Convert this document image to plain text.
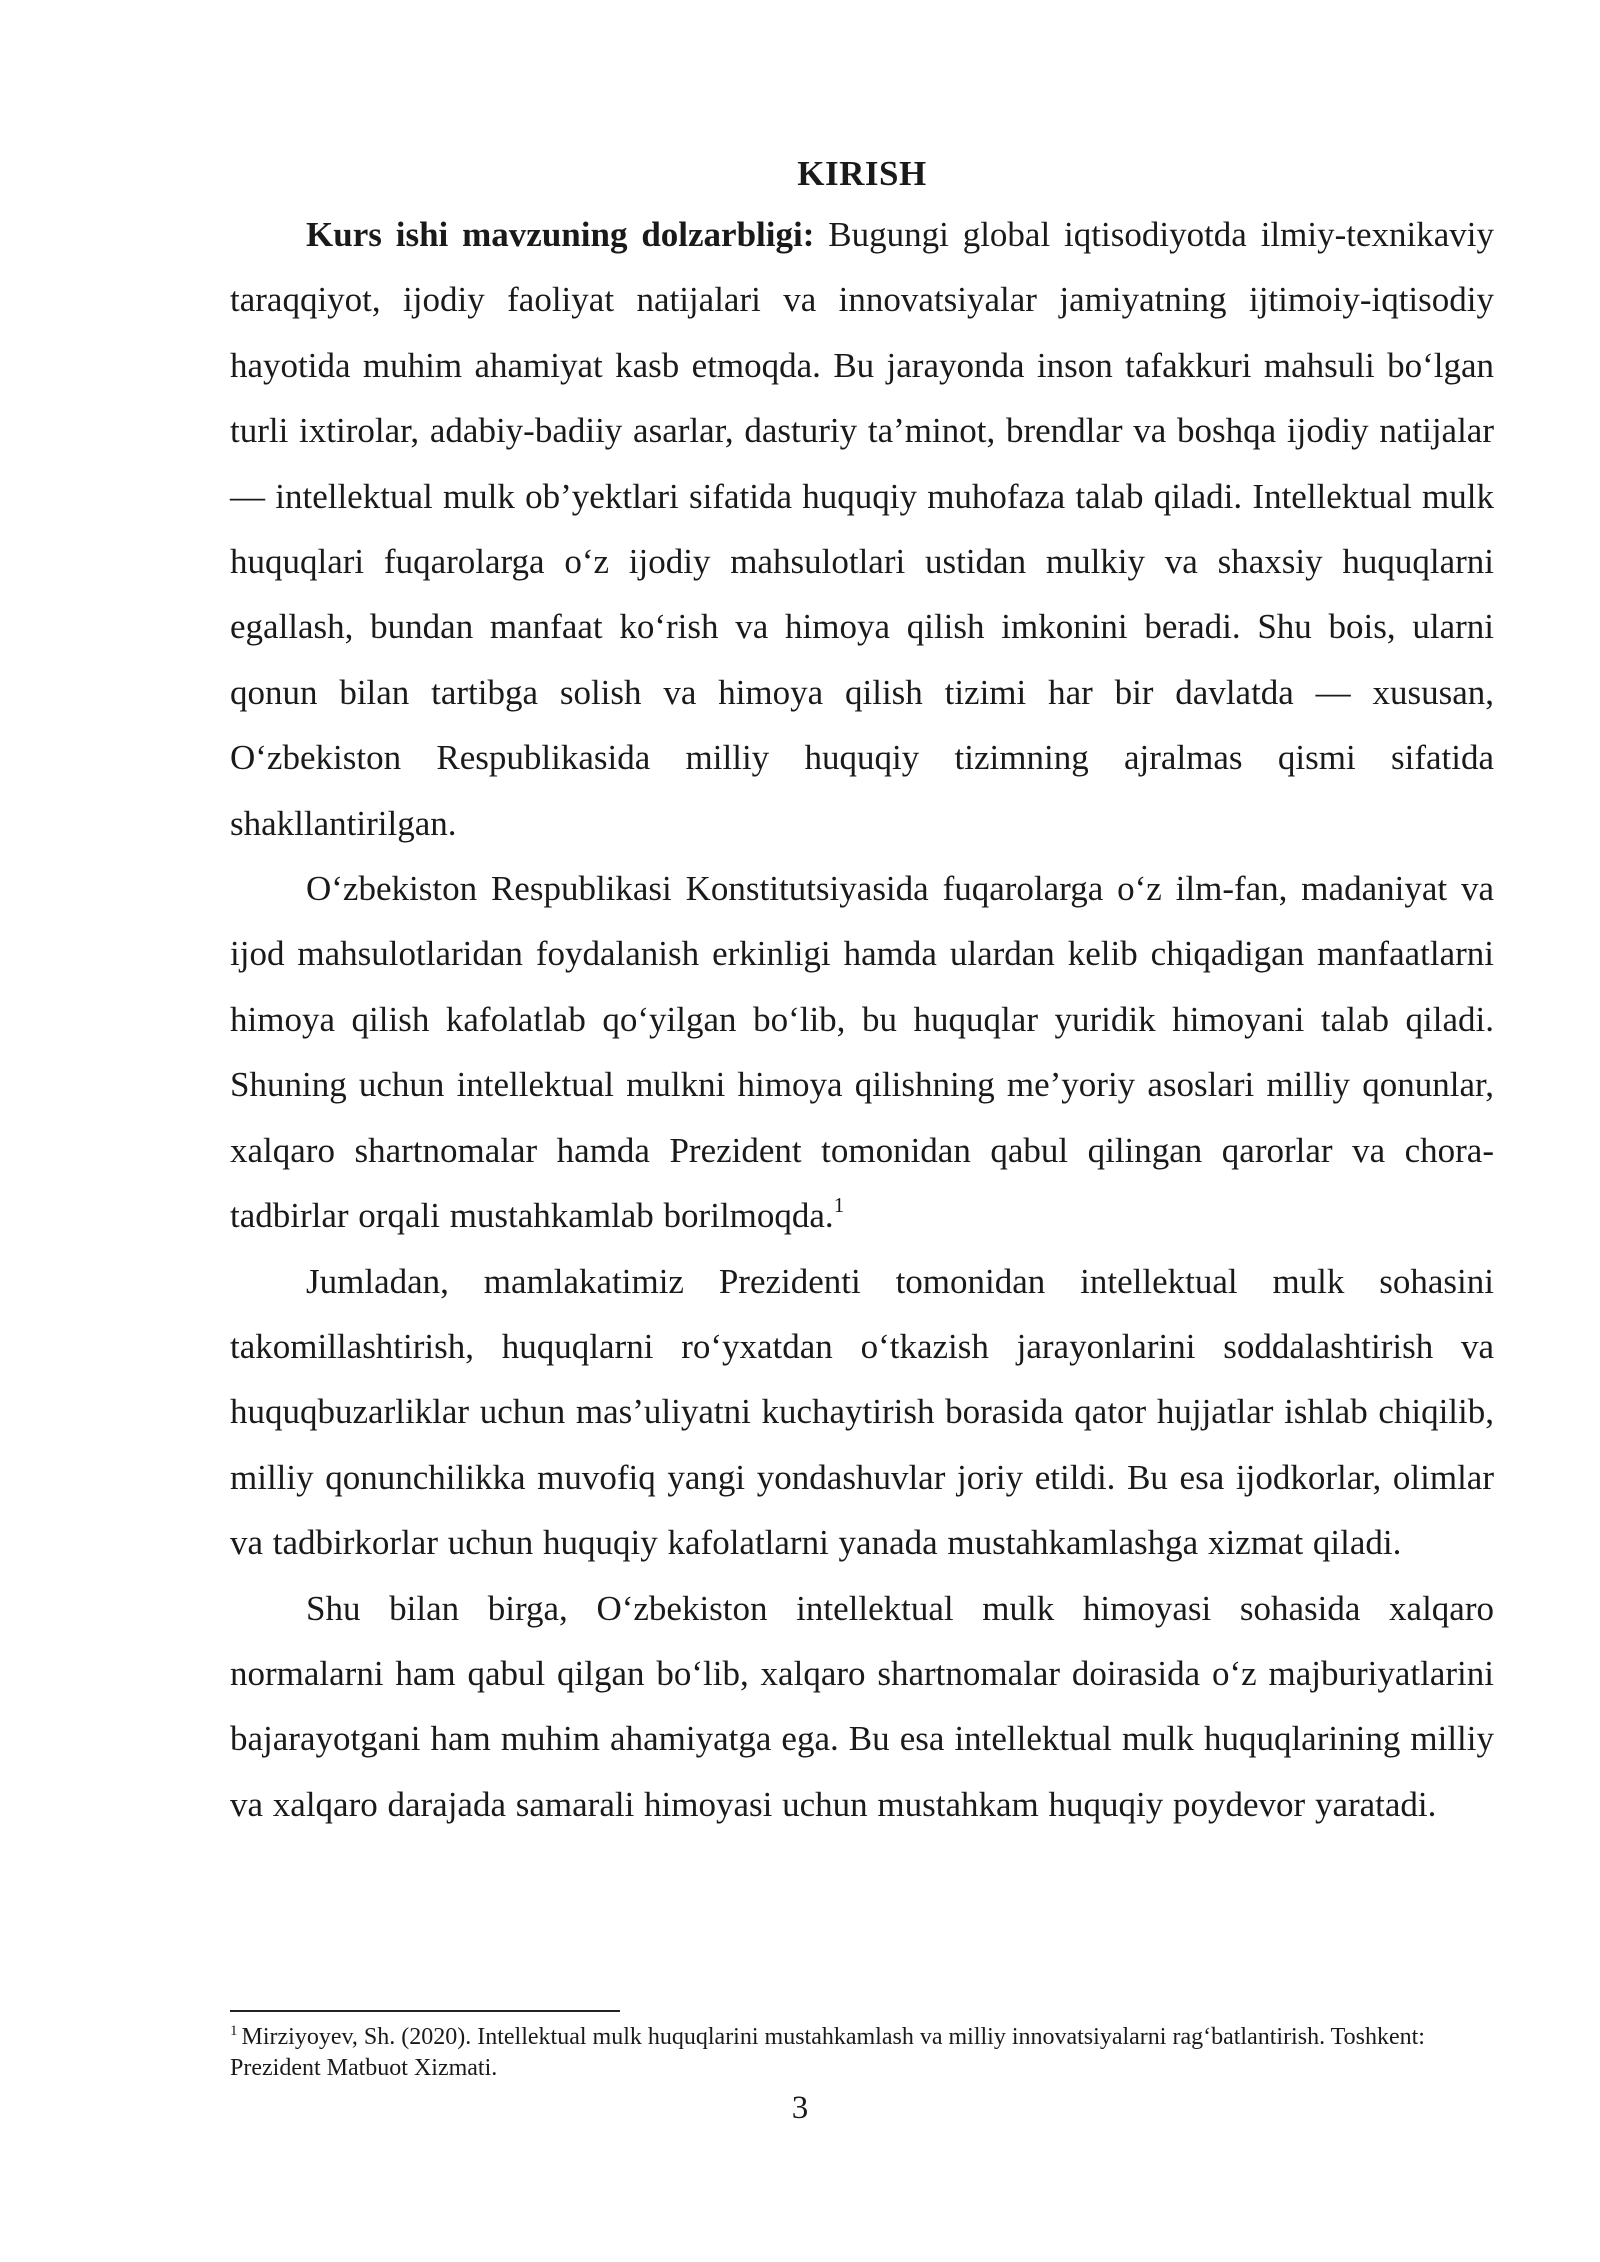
KIRISH

Kurs ishi mavzuning dolzarbligi: Bugungi global iqtisodiyotda ilmiy-texnikaviy taraqqiyot, ijodiy faoliyat natijalari va innovatsiyalar jamiyatning ijtimoiy-iqtisodiy hayotida muhim ahamiyat kasb etmoqda. Bu jarayonda inson tafakkuri mahsuli bo‘lgan turli ixtirolar, adabiy-badiiy asarlar, dasturiy ta’minot, brendlar va boshqa ijodiy natijalar — intellektual mulk ob’yektlari sifatida huquqiy muhofaza talab qiladi. Intellektual mulk huquqlari fuqarolarga o‘z ijodiy mahsulotlari ustidan mulkiy va shaxsiy huquqlarni egallash, bundan manfaat ko‘rish va himoya qilish imkonini beradi. Shu bois, ularni qonun bilan tartibga solish va himoya qilish tizimi har bir davlatda — xususan, O‘zbekiston Respublikasida milliy huquqiy tizimning ajralmas qismi sifatida shakllantirilgan.

O‘zbekiston Respublikasi Konstitutsiyasida fuqarolarga o‘z ilm-fan, madaniyat va ijod mahsulotlaridan foydalanish erkinligi hamda ulardan kelib chiqadigan manfaatlarni himoya qilish kafolatlab qo‘yilgan bo‘lib, bu huquqlar yuridik himoyani talab qiladi. Shuning uchun intellektual mulkni himoya qilishning me’yoriy asoslari milliy qonunlar, xalqaro shartnomalar hamda Prezident tomonidan qabul qilingan qarorlar va chora-tadbirlar orqali mustahkamlab borilmoqda.$^1$

Jumladan, mamlakatimiz Prezidenti tomonidan intellektual mulk sohasini takomillashtirish, huquqlarni ro‘yxatdan o‘tkazish jarayonlarini soddalashtirish va huquqbuzarliklar uchun mas’uliyatni kuchaytirish borasida qator hujjatlar ishlab chiqilib, milliy qonunchilikka muvofiq yangi yondashuvlar joriy etildi. Bu esa ijodkorlar, olimlar va tadbirkorlar uchun huquqiy kafolatlarni yanada mustahkamlashga xizmat qiladi.

Shu bilan birga, O‘zbekiston intellektual mulk himoyasi sohasida xalqaro normalarni ham qabul qilgan bo‘lib, xalqaro shartnomalar doirasida o‘z majburiyatlarini bajarayotgani ham muhim ahamiyatga ega. Bu esa intellektual mulk huquqlarining milliy va xalqaro darajada samarali himoyasi uchun mustahkam huquqiy poydevor yaratadi.

$^1$ Mirziyoyev, Sh. (2020). Intellektual mulk huquqlarini mustahkamlash va milliy innovatsiyalarni rag‘batlantirish. Toshkent: Prezident Matbuot Xizmati.

3
